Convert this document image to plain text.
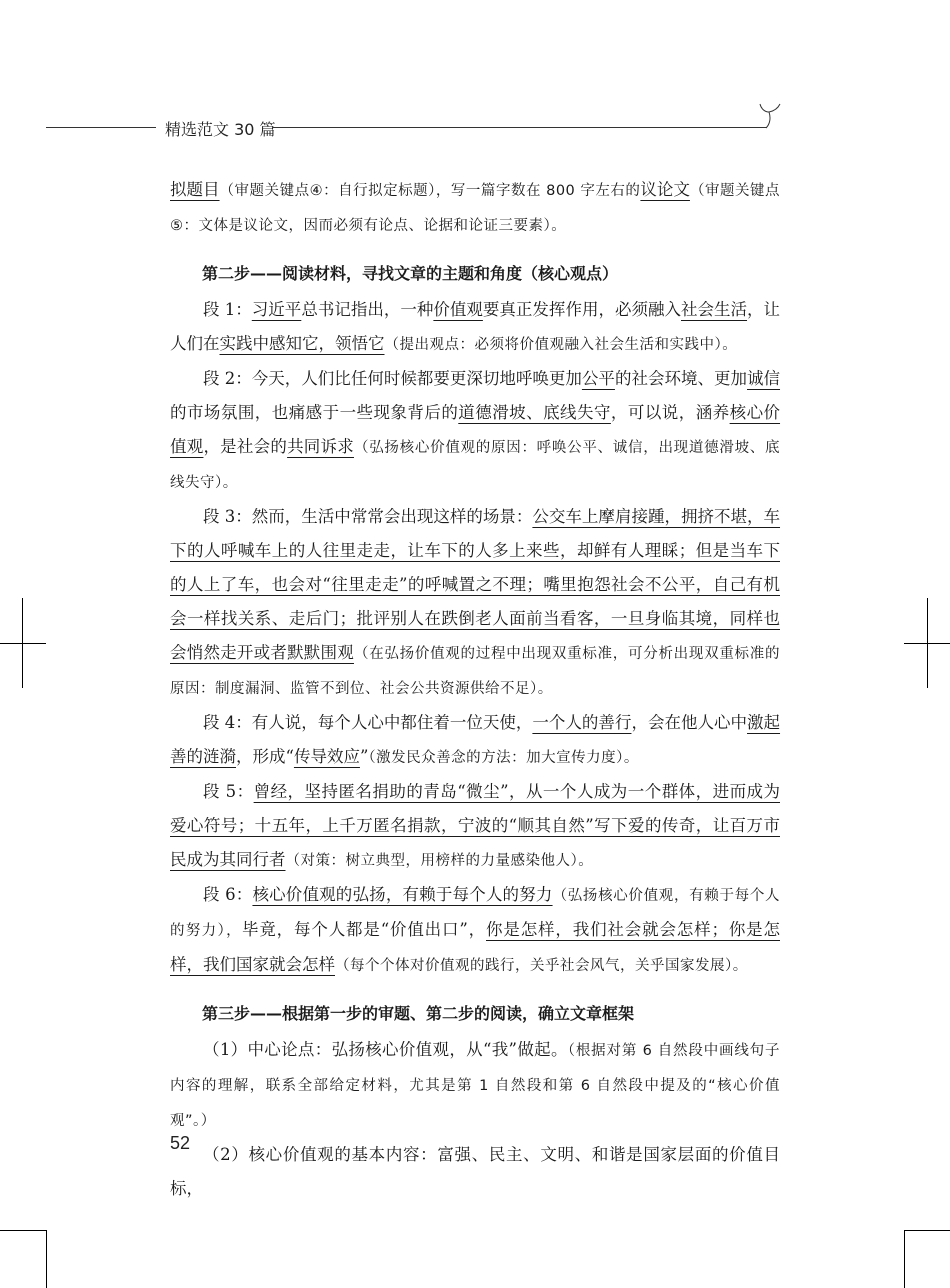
精选范文 30 篇

拟题目（审题关键点④：自行拟定标题），写一篇字数在 800 字左右的议论文（审题关键点⑤：文体是议论文，因而必须有论点、论据和论证三要素）。

第二步——阅读材料，寻找文章的主题和角度（核心观点）

段 1：习近平总书记指出，一种价值观要真正发挥作用，必须融入社会生活，让人们在实践中感知它，领悟它（提出观点：必须将价值观融入社会生活和实践中）。

段 2：今天，人们比任何时候都要更深切地呼唤更加公平的社会环境、更加诚信的市场氛围，也痛感于一些现象背后的道德滑坡、底线失守，可以说，涵养核心价值观，是社会的共同诉求（弘扬核心价值观的原因：呼唤公平、诚信，出现道德滑坡、底线失守）。

段 3：然而，生活中常常会出现这样的场景：公交车上摩肩接踵，拥挤不堪，车下的人呼喊车上的人往里走走，让车下的人多上来些，却鲜有人理睬；但是当车下的人上了车，也会对“往里走走”的呼喊置之不理；嘴里抱怨社会不公平，自己有机会一样找关系、走后门；批评别人在跌倒老人面前当看客，一旦身临其境，同样也会悄然走开或者默默围观（在弘扬价值观的过程中出现双重标准，可分析出现双重标准的原因：制度漏洞、监管不到位、社会公共资源供给不足）。

段 4：有人说，每个人心中都住着一位天使，一个人的善行，会在他人心中激起善的涟漪，形成“传导效应”（激发民众善念的方法：加大宣传力度）。

段 5：曾经，坚持匿名捐助的青岛“微尘”，从一个人成为一个群体，进而成为爱心符号；十五年，上千万匿名捐款，宁波的“顺其自然”写下爱的传奇，让百万市民成为其同行者（对策：树立典型，用榜样的力量感染他人）。

段 6：核心价值观的弘扬，有赖于每个人的努力（弘扬核心价值观，有赖于每个人的努力），毕竟，每个人都是“价值出口”，你是怎样，我们社会就会怎样；你是怎样，我们国家就会怎样（每个个体对价值观的践行，关乎社会风气，关乎国家发展）。

第三步——根据第一步的审题、第二步的阅读，确立文章框架

（1）中心论点：弘扬核心价值观，从“我”做起。（根据对第 6 自然段中画线句子内容的理解，联系全部给定材料，尤其是第 1 自然段和第 6 自然段中提及的“核心价值观”。）

（2）核心价值观的基本内容：富强、民主、文明、和谐是国家层面的价值目标，

52
